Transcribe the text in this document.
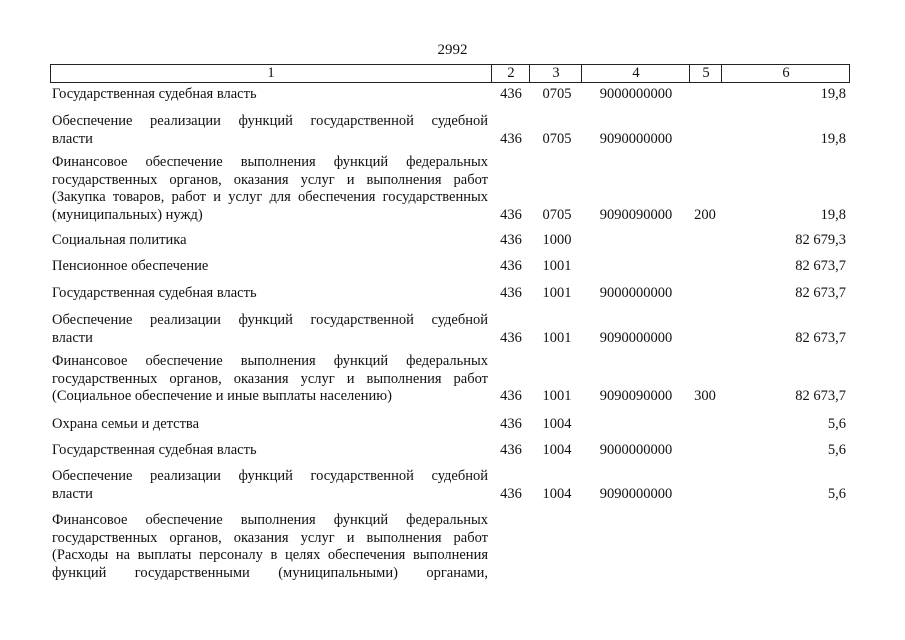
2992
1	2	3	4	5	6
Государственная судебная власть	436 0705 9000000000	19,8
Обеспечение реализации функций государственной судебной
власти	436 0705 9090000000	19,8
Финансовое обеспечение выполнения функций федеральных
государственных органов, оказания услуг и выполнения работ
(Закупка товаров, работ и услуг для обеспечения государственных
(муниципальных) нужд)	436 0705 9090090000 200	19,8
Социальная политика	436 1000	82 679,3
Пенсионное обеспечение	436 1001	82 673,7
Государственная судебная власть	436 1001 9000000000	82 673,7
Обеспечение реализации функций государственной судебной
власти	436 1001 9090000000	82 673,7
Финансовое обеспечение выполнения функций федеральных
государственных органов, оказания услуг и выполнения работ
(Социальное обеспечение и иные выплаты населению)	436 1001 9090090000 300	82 673,7
Охрана семьи и детства	436 1004	5,6
Государственная судебная власть	436 1004 9000000000	5,6
Обеспечение реализации функций государственной судебной
власти	436 1004 9090000000	5,6
Финансовое обеспечение выполнения функций федеральных
государственных органов, оказания услуг и выполнения работ
(Расходы на выплаты персоналу в целях обеспечения выполнения
функций государственными (муниципальными) органами,
